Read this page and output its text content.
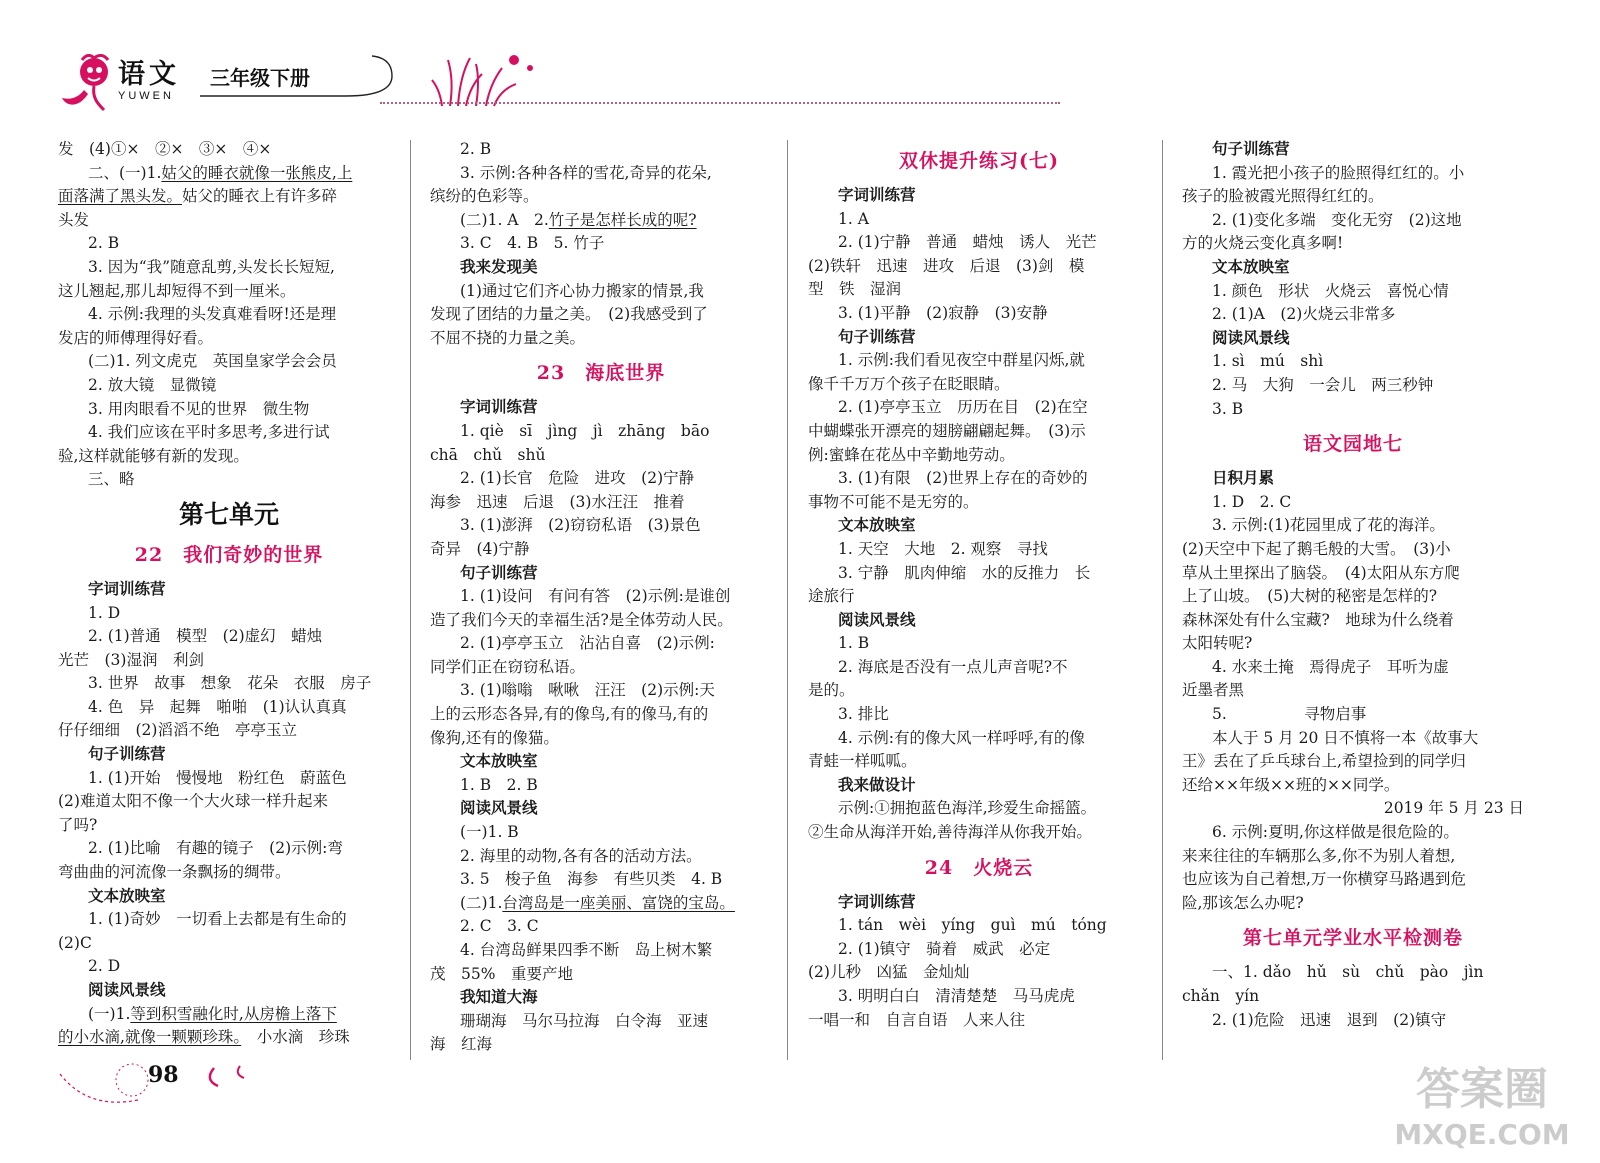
语文
YUWEN
三年级下册

发　(4)①×　②×　③×　④×

二、(一)1.姑父的睡衣就像一张熊皮,上

面落满了黑头发。姑父的睡衣上有许多碎

头发

2. B

3. 因为“我”随意乱剪,头发长长短短,

这儿翘起,那儿却短得不到一厘米。

4. 示例:我理的头发真难看呀!还是理

发店的师傅理得好看。

(二)1. 列文虎克　英国皇家学会会员

2. 放大镜　显微镜

3. 用肉眼看不见的世界　微生物

4. 我们应该在平时多思考,多进行试

验,这样就能够有新的发现。

三、略

第七单元

22　我们奇妙的世界

字词训练营

1. D

2. (1)普通　模型　(2)虚幻　蜡烛

光芒　(3)湿润　利剑

3. 世界　故事　想象　花朵　衣服　房子

4. 色　异　起舞　啪啪　(1)认认真真

仔仔细细　(2)滔滔不绝　亭亭玉立

句子训练营

1. (1)开始　慢慢地　粉红色　蔚蓝色

(2)难道太阳不像一个大火球一样升起来

了吗?

2. (1)比喻　有趣的镜子　(2)示例:弯

弯曲曲的河流像一条飘扬的绸带。

文本放映室

1. (1)奇妙　一切看上去都是有生命的

(2)C

2. D

阅读风景线

(一)1.等到积雪融化时,从房檐上落下

的小水滴,就像一颗颗珍珠。　小水滴　珍珠

2. B

3. 示例:各种各样的雪花,奇异的花朵,

缤纷的色彩等。

(二)1. A　2.竹子是怎样长成的呢?

3. C　4. B　5. 竹子

我来发现美

(1)通过它们齐心协力搬家的情景,我

发现了团结的力量之美。　(2)我感受到了

不屈不挠的力量之美。

23　海底世界

字词训练营

1. qiè　sī　jìng　jì　zhāng　bāo

chā　chǔ　shǔ

2. (1)长官　危险　进攻　(2)宁静

海参　迅速　后退　(3)水汪汪　推着

3. (1)澎湃　(2)窃窃私语　(3)景色

奇异　(4)宁静

句子训练营

1. (1)设问　有问有答　(2)示例:是谁创

造了我们今天的幸福生活?是全体劳动人民。

2. (1)亭亭玉立　沾沾自喜　(2)示例:

同学们正在窃窃私语。

3. (1)嗡嗡　啾啾　汪汪　(2)示例:天

上的云形态各异,有的像鸟,有的像马,有的

像狗,还有的像猫。

文本放映室

1. B　2. B

阅读风景线

(一)1. B

2. 海里的动物,各有各的活动方法。

3. 5　梭子鱼　海参　有些贝类　4. B

(二)1.台湾岛是一座美丽、富饶的宝岛。

2. C　3. C

4. 台湾岛鲜果四季不断　岛上树木繁

茂　55%　重要产地

我知道大海

珊瑚海　马尔马拉海　白令海　亚速

海　红海

双休提升练习(七)

字词训练营

1. A

2. (1)宁静　普通　蜡烛　诱人　光芒

(2)铁轩　迅速　进攻　后退　(3)剑　模

型　铁　湿润

3. (1)平静　(2)寂静　(3)安静

句子训练营

1. 示例:我们看见夜空中群星闪烁,就

像千千万万个孩子在眨眼睛。

2. (1)亭亭玉立　历历在目　(2)在空

中蝴蝶张开漂亮的翅膀翩翩起舞。　(3)示

例:蜜蜂在花丛中辛勤地劳动。

3. (1)有限　(2)世界上存在的奇妙的

事物不可能不是无穷的。

文本放映室

1. 天空　大地　2. 观察　寻找

3. 宁静　肌肉伸缩　水的反推力　长

途旅行

阅读风景线

1. B

2. 海底是否没有一点儿声音呢?不

是的。

3. 排比

4. 示例:有的像大风一样呼呼,有的像

青蛙一样呱呱。

我来做设计

示例:①拥抱蓝色海洋,珍爱生命摇篮。

②生命从海洋开始,善待海洋从你我开始。

24　火烧云

字词训练营

1. tán　wèi　yíng　guì　mú　tóng

2. (1)镇守　骑着　威武　必定

(2)儿秒　凶猛　金灿灿

3. 明明白白　清清楚楚　马马虎虎

一唱一和　自言自语　人来人往

句子训练营

1. 霞光把小孩子的脸照得红红的。小

孩子的脸被霞光照得红红的。

2. (1)变化多端　变化无穷　(2)这地

方的火烧云变化真多啊!

文本放映室

1. 颜色　形状　火烧云　喜悦心情

2. (1)A　(2)火烧云非常多

阅读风景线

1. sì　mú　shì

2. 马　大狗　一会儿　两三秒钟

3. B

语文园地七

日积月累

1. D　2. C

3. 示例:(1)花园里成了花的海洋。

(2)天空中下起了鹅毛般的大雪。　(3)小

草从土里探出了脑袋。　(4)太阳从东方爬

上了山坡。　(5)大树的秘密是怎样的?

森林深处有什么宝藏?　地球为什么绕着

太阳转呢?

4. 水来土掩　焉得虎子　耳听为虚

近墨者黑

5.　　　　　寻物启事

本人于 5 月 20 日不慎将一本《故事大

王》丢在了乒乓球台上,希望捡到的同学归

还给××年级××班的××同学。

2019 年 5 月 23 日

6. 示例:夏明,你这样做是很危险的。

来来往往的车辆那么多,你不为别人着想,

也应该为自己着想,万一你横穿马路遇到危

险,那该怎么办呢?

第七单元学业水平检测卷

一、1. dǎo　hǔ　sù　chǔ　pào　jìn

chǎn　yín

2. (1)危险　迅速　退到　(2)镇守

98	答案圈
MXQE.COM
